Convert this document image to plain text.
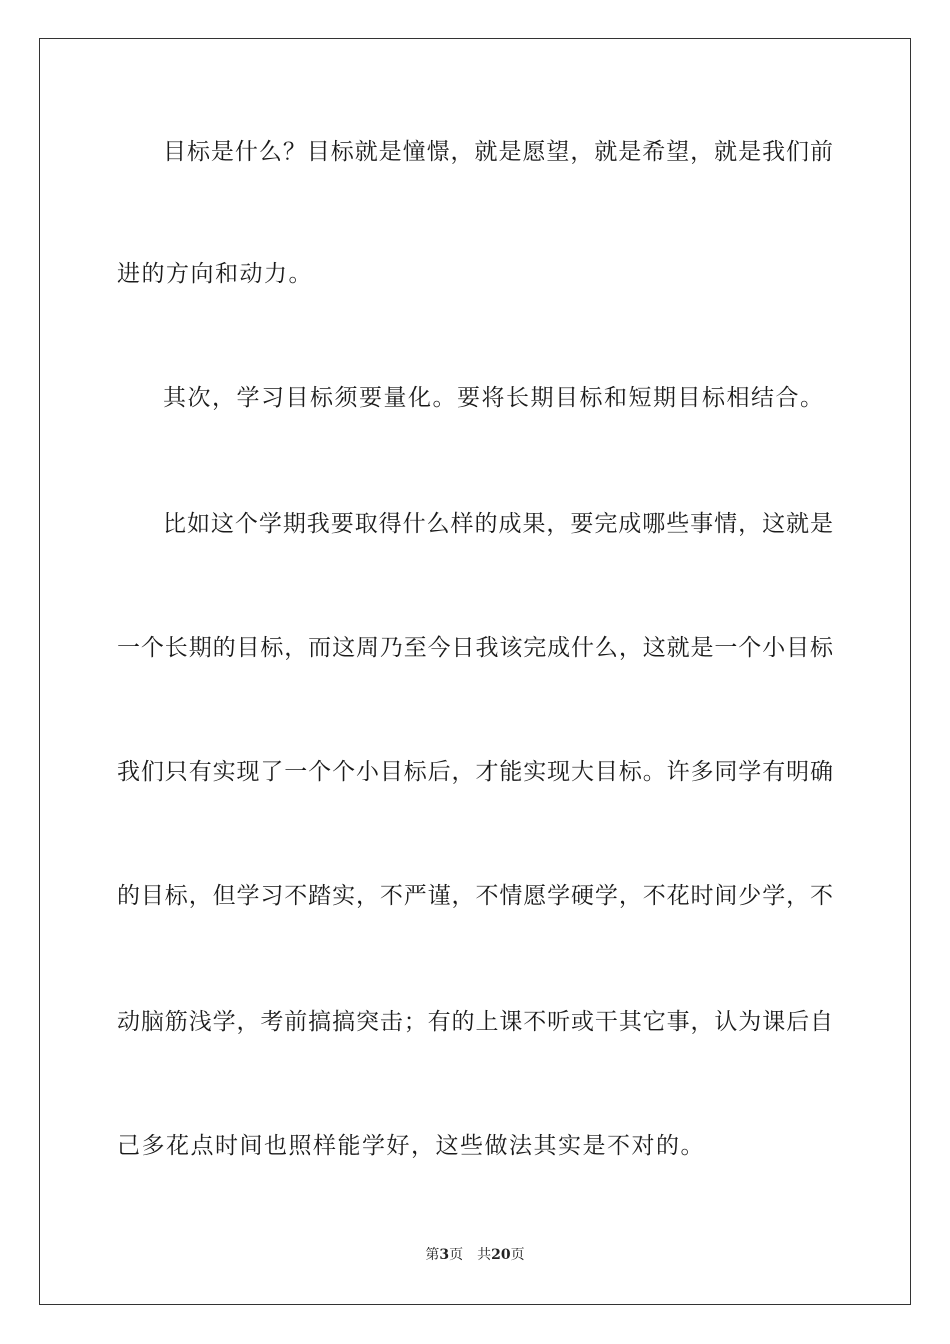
目标是什么？目标就是憧憬，就是愿望，就是希望，就是我们前
进的方向和动力。
其次，学习目标须要量化。要将长期目标和短期目标相结合。
比如这个学期我要取得什么样的成果，要完成哪些事情，这就是
一个长期的目标，而这周乃至今日我该完成什么，这就是一个小目标
我们只有实现了一个个小目标后，才能实现大目标。许多同学有明确
的目标，但学习不踏实，不严谨，不情愿学硬学，不花时间少学，不
动脑筋浅学，考前搞搞突击；有的上课不听或干其它事，认为课后自
己多花点时间也照样能学好，这些做法其实是不对的。
第3页 共20页
